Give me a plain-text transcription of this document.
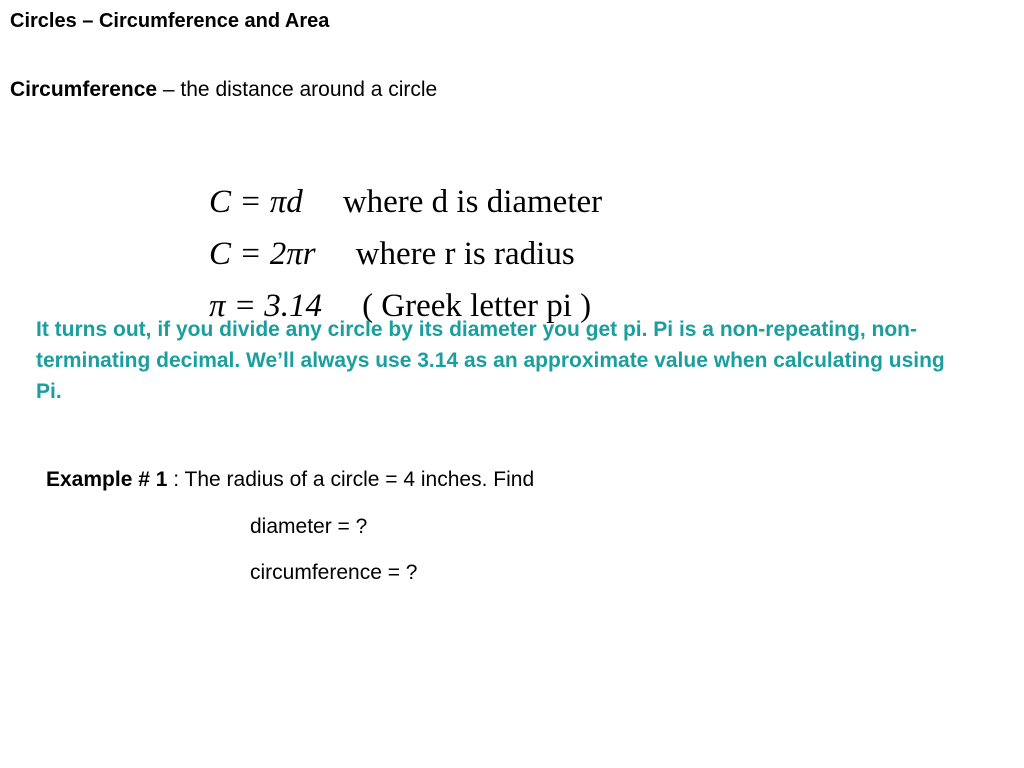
Circles – Circumference and Area
Circumference – the distance around a circle

C = πd where d is diameter

C = 2πr where r is radius

π = 3.14 ( Greek letter pi )

It turns out, if you divide any circle by its diameter you get pi. Pi is a non-repeating, non-terminating decimal. We’ll always use 3.14 as an approximate value when calculating using Pi.

Example # 1 : The radius of a circle = 4 inches. Find
diameter = ?
circumference = ?
